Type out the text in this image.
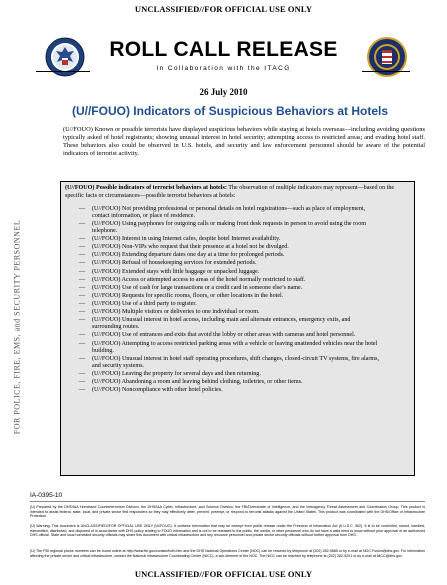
UNCLASSIFIED//FOR OFFICIAL USE ONLY
ROLL CALL RELEASE
In Collaboration with the ITACG
26 July 2010
(U//FOUO) Indicators of Suspicious Behaviors at Hotels
FOR POLICE, FIRE, EMS, and SECURITY PERSONNEL
(U//FOUO) Known or possible terrorists have displayed suspicious behaviors while staying at hotels overseas—including avoiding questions typically asked of hotel registrants; showing unusual interest in hotel security; attempting access to restricted areas; and evading hotel staff. These behaviors also could be observed in U.S. hotels, and security and law enforcement personnel should be aware of the potential indicators of terrorist activity.
(U//FOUO) Possible indicators of terrorist behaviors at hotels: The observation of multiple indicators may represent—based on the specific facts or circumstances—possible terrorist behaviors at hotels:
—	(U//FOUO) Not providing professional or personal details on hotel registrations—such as place of employment, contact information, or place of residence.
—	(U//FOUO) Using payphones for outgoing calls or making front desk requests in person to avoid using the room telephone.
—	(U//FOUO) Interest in using Internet cafes, despite hotel Internet availability.
—	(U//FOUO) Non-VIPs who request that their presence at a hotel not be divulged.
—	(U//FOUO) Extending departure dates one day at a time for prolonged periods.
—	(U//FOUO) Refusal of housekeeping services for extended periods.
—	(U//FOUO) Extended stays with little baggage or unpacked luggage.
—	(U//FOUO) Access or attempted access to areas of the hotel normally restricted to staff.
—	(U//FOUO) Use of cash for large transactions or a credit card in someone else’s name.
—	(U//FOUO) Requests for specific rooms, floors, or other locations in the hotel.
—	(U//FOUO) Use of a third party to register.
—	(U//FOUO) Multiple visitors or deliveries to one individual or room.
—	(U//FOUO) Unusual interest in hotel access, including main and alternate entrances, emergency exits, and surrounding routes.
—	(U//FOUO) Use of entrances and exits that avoid the lobby or other areas with cameras and hotel personnel.
—	(U//FOUO) Attempting to access restricted parking areas with a vehicle or leaving unattended vehicles near the hotel building.
—	(U//FOUO) Unusual interest in hotel staff operating procedures, shift changes, closed-circuit TV systems, fire alarms, and security systems.
—	(U//FOUO) Leaving the property for several days and then returning.
—	(U//FOUO) Abandoning a room and leaving behind clothing, toiletries, or other items.
—	(U//FOUO) Noncompliance with other hotel policies.
IA-0395-10
(U) Prepared by the DHS/I&A Homeland Counterterrorism Division, the DHS/I&A Cyber, Infrastructure, and Science Division, the FBI/Directorate of Intelligence, and the Interagency Threat Assessment and Coordination Group. This product is intended to assist federal, state, local, and private sector first responders so they may effectively deter, prevent, preempt, or respond to terrorist attacks against the United States. This product was coordinated with the DHS/Office of Infrastructure Protection.
(U) Warning: This document is UNCLASSIFIED//FOR OFFICIAL USE ONLY (U//FOUO). It contains information that may be exempt from public release under the Freedom of Information Act (5 U.S.C. 552). It is to be controlled, stored, handled, transmitted, distributed, and disposed of in accordance with DHS policy relating to FOUO information and is not to be released to the public, the media, or other personnel who do not have a valid need to know without prior approval of an authorized DHS official. State and local homeland security officials may share this document with critical infrastructure and key resource personnel and private sector security officials without further approval from DHS.
(U) The FBI regional phone numbers can be found online at http://www.fbi.gov/contact/fo/fo.htm and the DHS National Operations Center (NOC) can be reached by telephone at (202) 282-9685 or by e-mail at NOC.Fusion@dhs.gov. For information affecting the private sector and critical infrastructure, contact the National Infrastructure Coordinating Center (NICC), a sub-element of the NOC. The NICC can be reached by telephone at (202) 282-9201 or by e-mail at NICC@dhs.gov.
UNCLASSIFIED//FOR OFFICIAL USE ONLY
